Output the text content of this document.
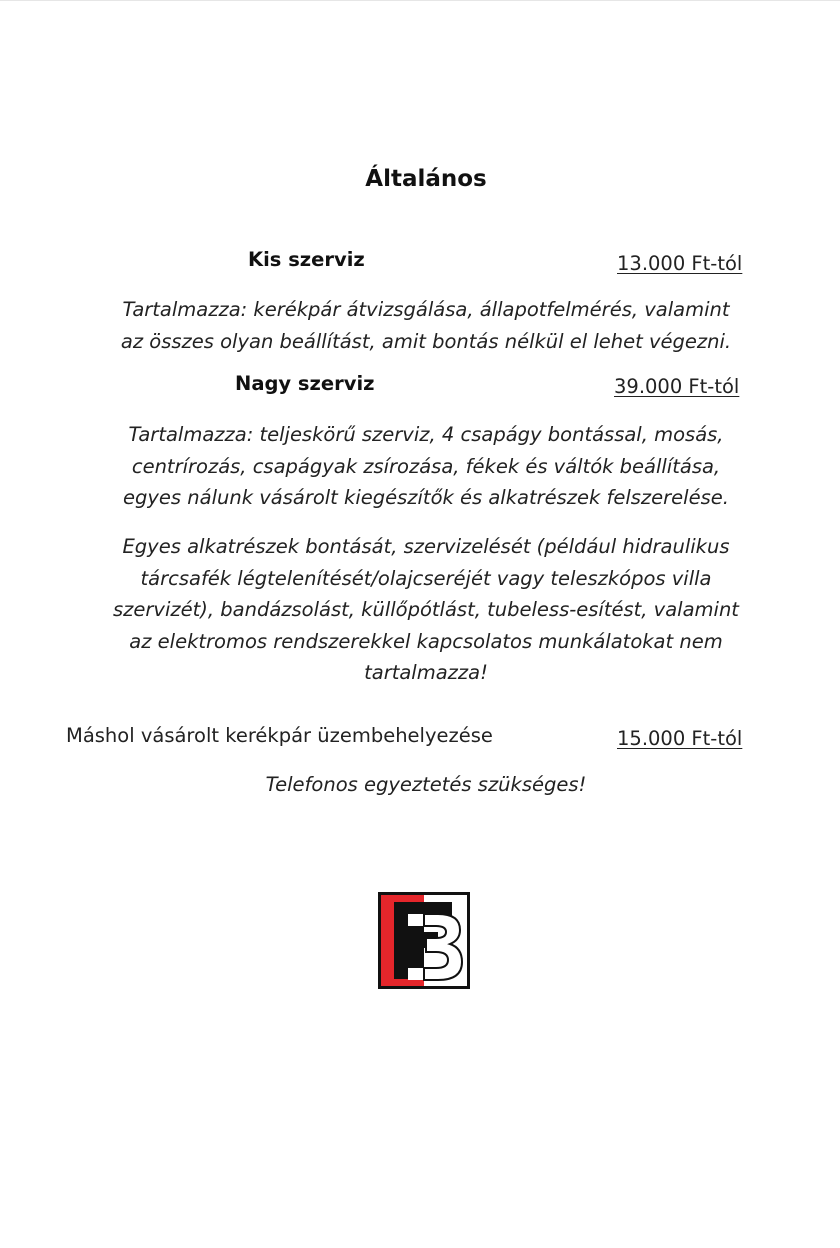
Általános
Kis szerviz	13.000 Ft-tól
Tartalmazza: kerékpár átvizsgálása, állapotfelmérés, valamint
az összes olyan beállítást, amit bontás nélkül el lehet végezni.
Nagy szerviz	39.000 Ft-tól
Tartalmazza: teljeskörű szerviz, 4 csapágy bontással, mosás,
centrírozás, csapágyak zsírozása, fékek és váltók beállítása,
egyes nálunk vásárolt kiegészítők és alkatrészek felszerelése.
Egyes alkatrészek bontását, szervizelését (például hidraulikus
tárcsafék légtelenítését/olajcseréjét vagy teleszkópos villa
szervizét), bandázsolást, küllőpótlást, tubeless-esítést, valamint
az elektromos rendszerekkel kapcsolatos munkálatokat nem
tartalmazza!
Máshol vásárolt kerékpár üzembehelyezése	15.000 Ft-tól
Telefonos egyeztetés szükséges!
